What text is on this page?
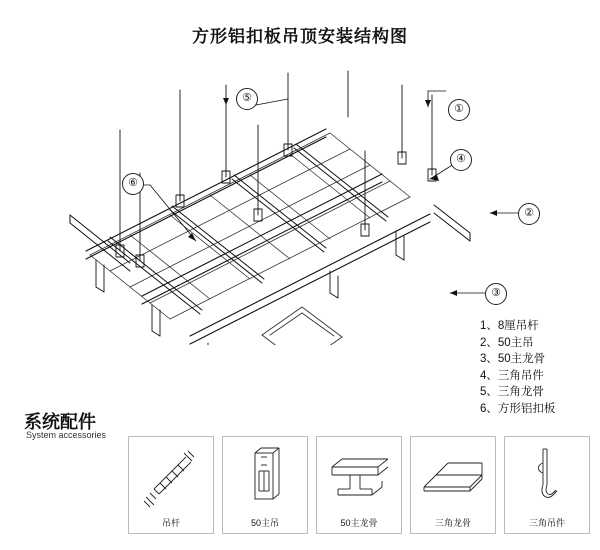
方形铝扣板吊顶安装结构图
①
②
③
④
⑤
⑥
1、8厘吊杆
2、50主吊
3、50主龙骨
4、三角吊件
5、三角龙骨
6、方形铝扣板
系统配件
System accessories
吊杆	50主吊	50主龙骨	三角龙骨	三角吊件
